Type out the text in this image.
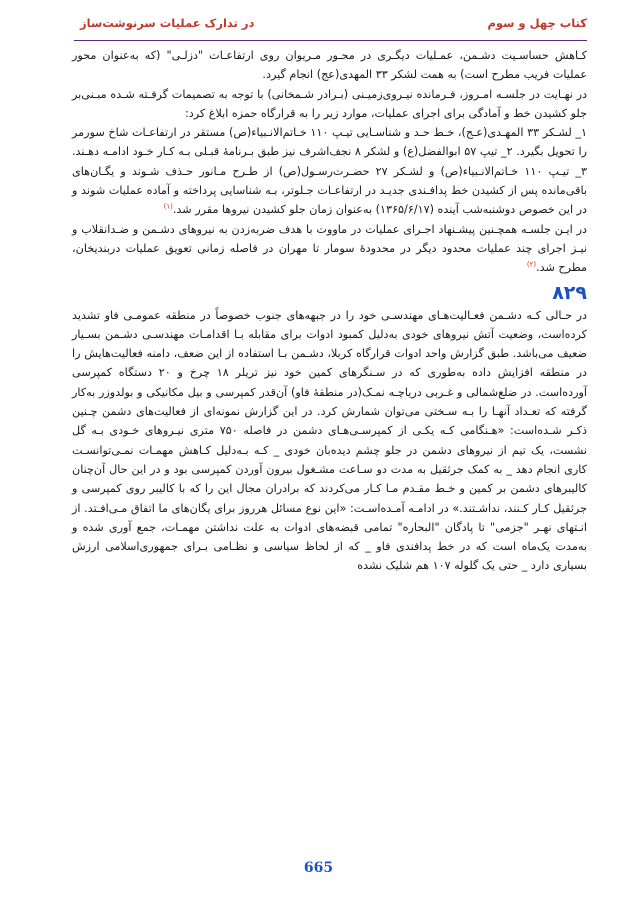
کتاب چهل و سوم
در تدارک عملیات سرنوشت‌ساز

کـاهش حساسـیت دشـمن، عمـلیات دیگـری در محـور مـریوان روی ارتفاعـات "دزلـی" (که به‌عنوان محور عملیات فریب مطرح است) به همت لشکر ۳۳ المهدی(عج) انجام گیرد.

در نهـایت در جلسـه امـروز، فـرمانده نیـروی‌زمیـنی (بـرادر شـمخانی) با توجه به تصمیمات گرفـته شـده مبـنی‌بر جلو کشیدن خط و آمادگی برای اجرای عملیات، موارد زیر را به قرارگاه حمزه ابلاغ کرد:

۱_ لشـکر ۳۳ المهـدی(عـج)، خـط حـد و شناسـایی تیـپ ۱۱۰ خـاتم‌الانـبیاء(ص) مستقر در ارتفاعـات شاخ سورمر را تحویل بگیرد. ۲_ تیپ ۵۷ ابوالفضل(ع) و لشکر ۸ نجف‌اشرف نیز طبق بـرنامهٔ قبـلی بـه کـار خـود ادامـه دهـند. ۳_ تیـپ ۱۱۰ خـاتم‌الانـبیاء(ص) و لشـکر ۲۷ حضـرت‌رسـول(ص) از طـرح مـانور حـذف شـوند و یگـان‌های باقی‌مانده پس از کشیدن خط پدافـندی جدیـد در ارتفاعـات جـلوتر، بـه شناسایی پرداخته و آماده عملیات شوند و در این خصوص دوشنبه‌شب آینده (۱۳۶۵/۶/۱۷) به‌عنوان زمان جلو کشیدن نیروها مقرر شد.$^{(۱)}$

در ایـن جلسـه همچـنین پیشـنهاد اجـرای عملیات در ماووت با هدف ضربه‌زدن به نیروهای دشـمن و ضـدانقلاب و نیـز اجرای چند عملیات محدود دیگر در محدودهٔ سومار تا مهران در فاصله زمانی تعویق عملیات دربندیخان، مطرح شد.$^{(۲)}$

۸۲۹

در حـالی کـه دشـمن فعـالیت‌هـای مهندسـی خود را در جبهه‌های جنوب خصوصاً در منطقه عمومـی فاو تشدید کرده‌است، وضعیت آتش نیروهای خودی به‌دلیل کمبود ادوات برای مقابله بـا اقدامـات مهندسـی دشـمن بسـیار ضعیف می‌باشد. طبق گزارش واحد ادوات قرارگاه کربلا، دشـمن بـا استفاده از این ضعف، دامنه فعالیت‌هایش را در منطقه افزایش داده به‌طوری که در سـنگرهای کمین خود نیز تریلر ۱۸ چرخ و ۲۰ دستگاه کمپرسی آورده‌است. در ضلع‌شمالی و غـربی دریاچـه نمـک(در منطقهٔ فاو) آن‌قدر کمپرسی و بیل مکانیکی و بولدوزر به‌کار گرفته که تعـداد آنهـا را بـه سـختی می‌توان شمارش کرد. در این گزارش نمونه‌ای از فعالیت‌های دشمن چـنین ذکـر شـده‌است: «هـنگامی کـه یکـی از کمپرسـی‌هـای دشمن در فاصله ۷۵۰ متری نیـروهای خـودی بـه گل نشست، یک تیم از نیروهای دشمن در جلو چشم دیده‌بان خودی _ کـه بـه‌دلیل کـاهش مهمـات نمـی‌توانسـت کاری انجام دهد _ به کمک جرثقیل به مدت دو سـاعت مشـغول بیرون آوردن کمپرسی بود و در این حال آن‌چنان کالیبرهای دشمن بر کمین و خـط مقـدم مـا کـار می‌کردند که برادران مجال این را که با کالیبر روی کمپرسی و جرثقیل کـار کـنند، نداشـتند.» در ادامـه آمـده‌اسـت: «این نوع مسائل هرروز برای یگان‌های ما اتفاق مـی‌افـتد. از انـتهای نهـر "جزمی" تا پادگان "البحاره" تمامی قبضه‌های ادوات به علت نداشتن مهمـات، جمع آوری شده و به‌مدت یک‌ماه است که در خط پدافندی فاو _ که از لحاظ سیاسی و نظـامی بـرای جمهوری‌اسلامی ارزش بسیاری دارد _ حتی یک گلوله ۱۰۷ هم شلیک نشده

665
